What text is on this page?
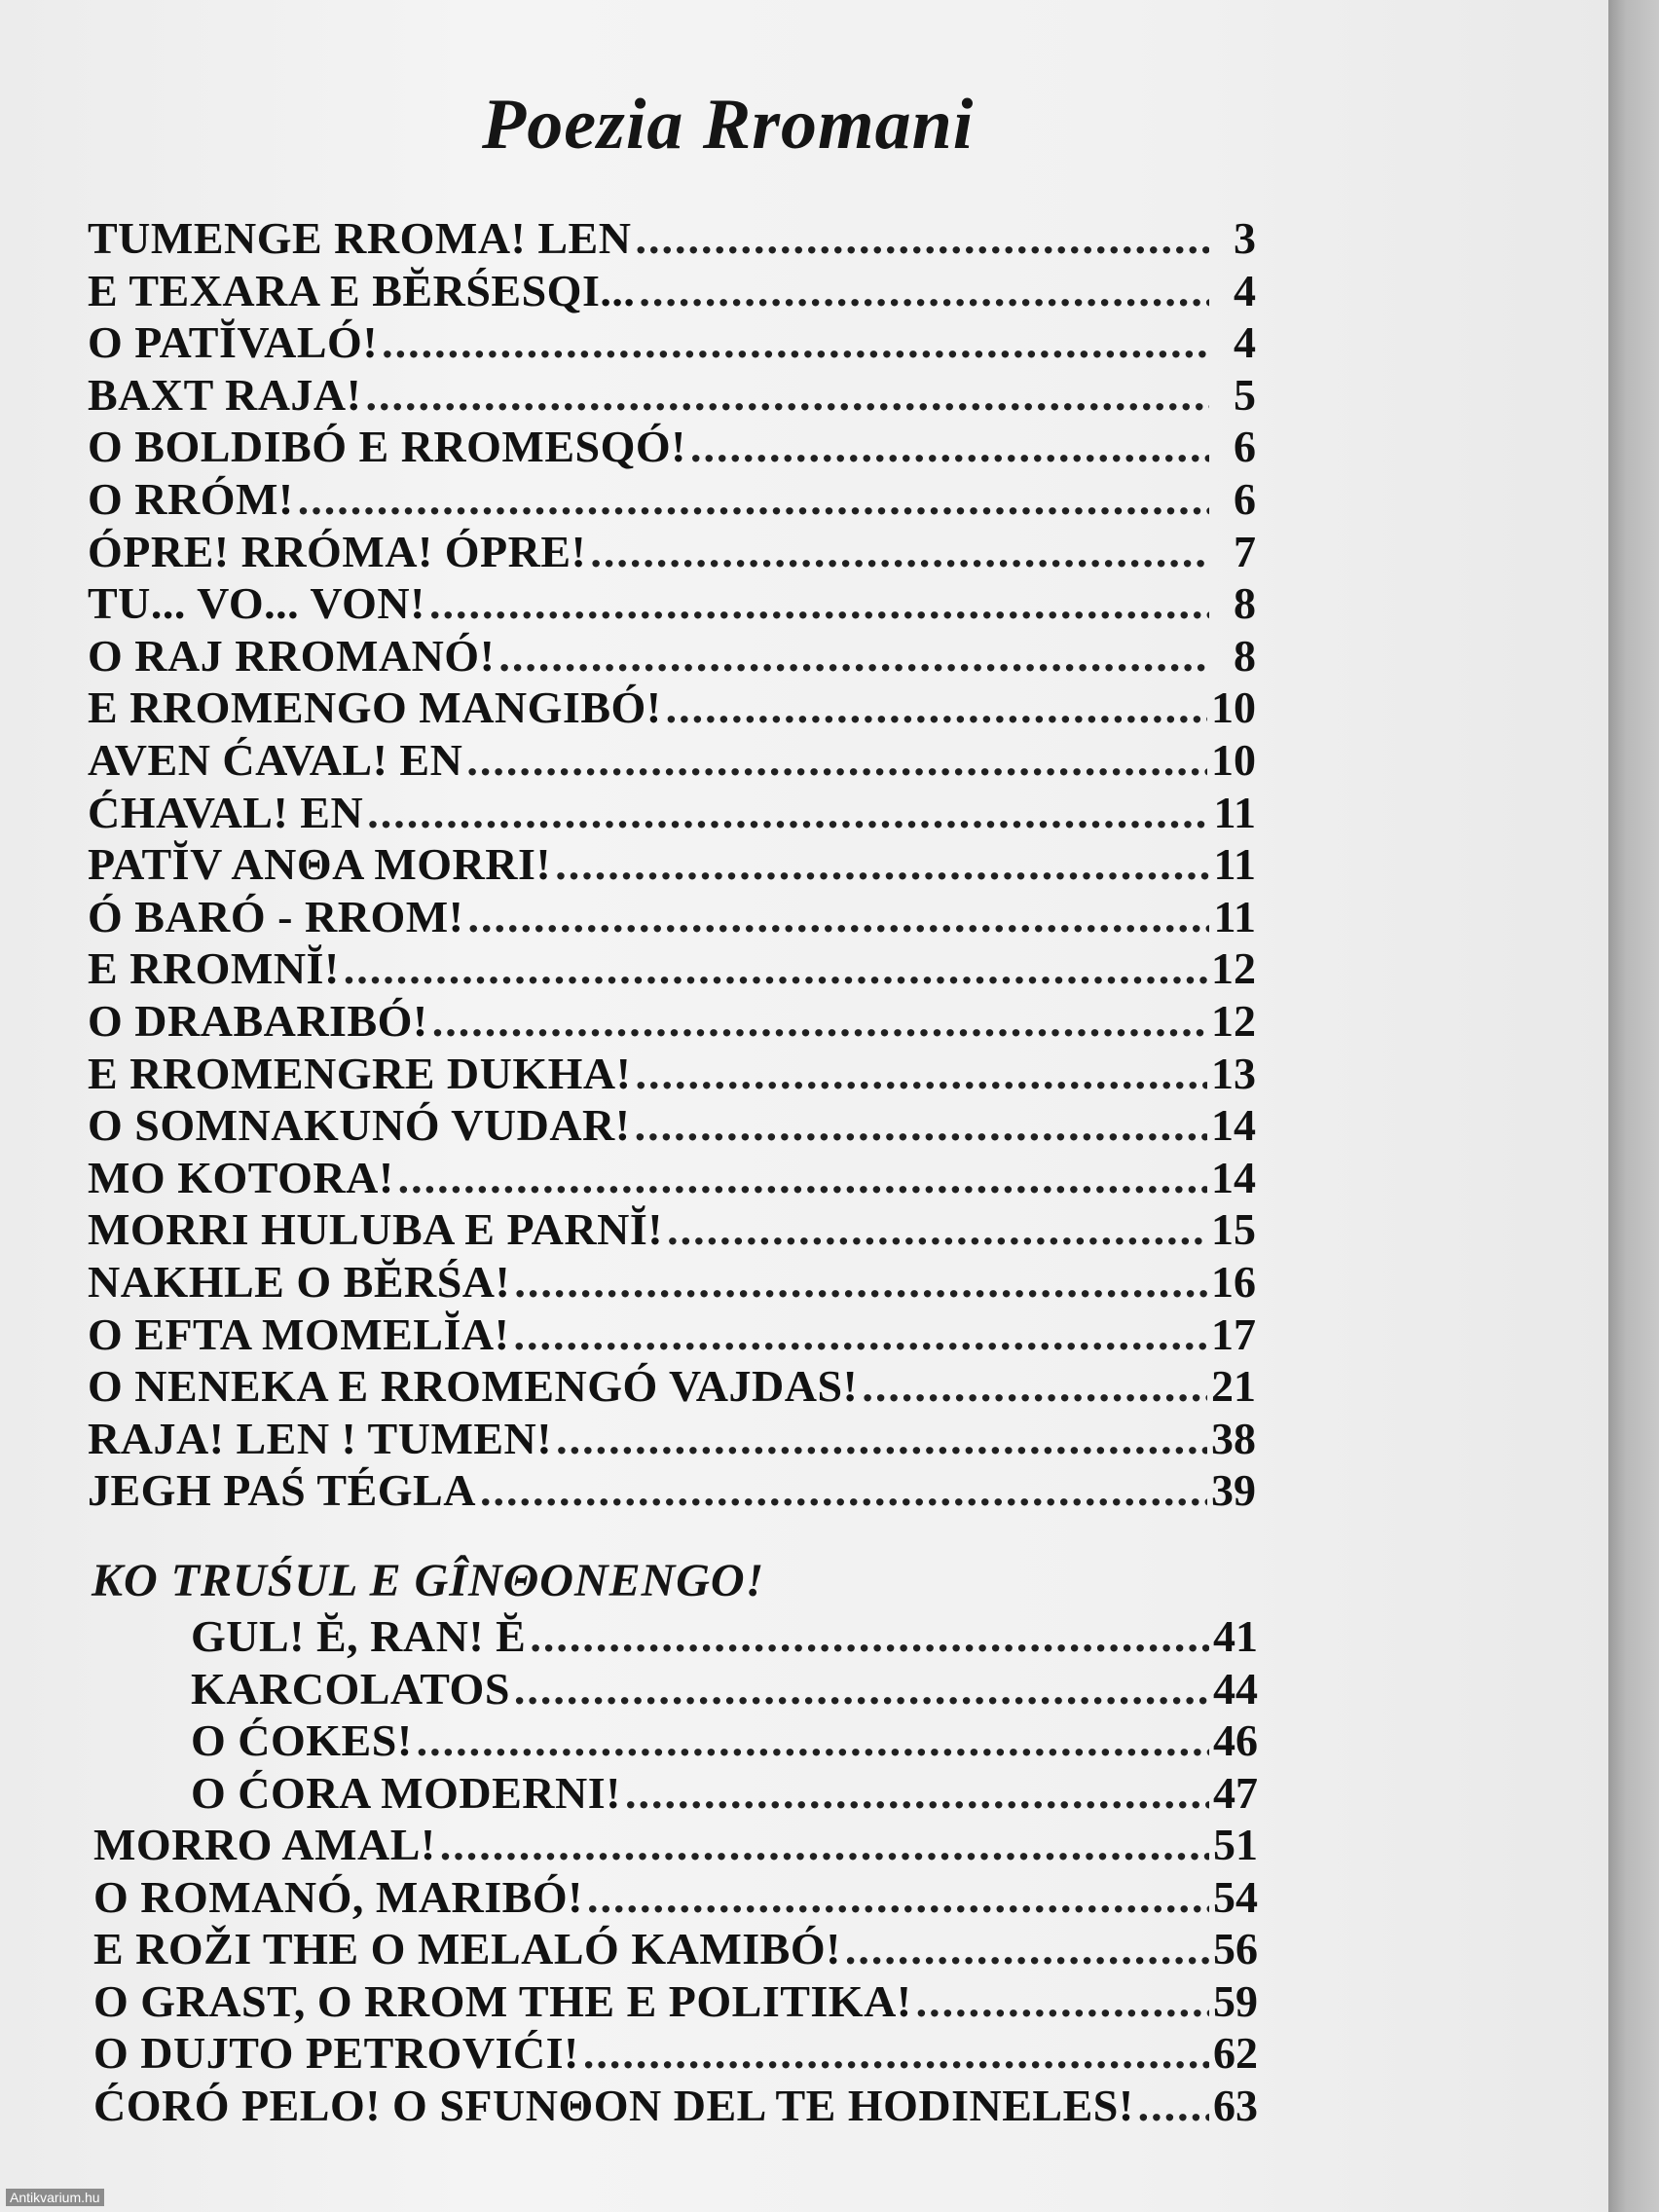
Poezia Rromani
TUMENGE RROMA! LEN .....	3
E TEXARA E BĔRŚESQI... .....	4
O PATĬVALÓ! .....	4
BAXT RAJA! .....	5
O BOLDIBÓ E RROMESQÓ! .....	6
O RRÓM! .....	6
ÓPRE! RRÓMA! ÓPRE! .....	7
TU... VO... VON! .....	8
O RAJ RROMANÓ! .....	8
E RROMENGO MANGIBÓ! .....	10
AVEN ĆAVAL! EN .....	10
ĆHAVAL! EN .....	11
PATĬV ANΘA MORRI! .....	11
Ó BARÓ - RROM! .....	11
E RROMNĬ! .....	12
O DRABARIBÓ! .....	12
E RROMENGRE DUKHA! .....	13
O SOMNAKUNÓ VUDAR! .....	14
MO KOTORA! .....	14
MORRI HULUBA E PARNĬ! .....	15
NAKHLE O BĔRŚA! .....	16
O EFTA MOMELĬA! .....	17
O NENEKA E RROMENGÓ VAJDAS! .....	21
RAJA! LEN ! TUMEN! .....	38
JEGH PAŚ TÉGLA .....	39
GUL! Ĕ, RAN! Ĕ .....	41
KARCOLATOS .....	44
O ĆOKES! .....	46
O ĆORA MODERNI! .....	47
MORRO AMAL! .....	51
O ROMANÓ, MARIBÓ! .....	54
E ROŽI THE O MELALÓ KAMIBÓ! .....	56
O GRAST, O RROM THE E POLITIKA! .....	59
O DUJTO PETROVIĆI! .....	62
ĆORÓ PELO! O SFUNΘON DEL TE HODINELES! ..... 63
KO TRUŚUL E GÎNΘONENGO!
Antikvarium.hu
